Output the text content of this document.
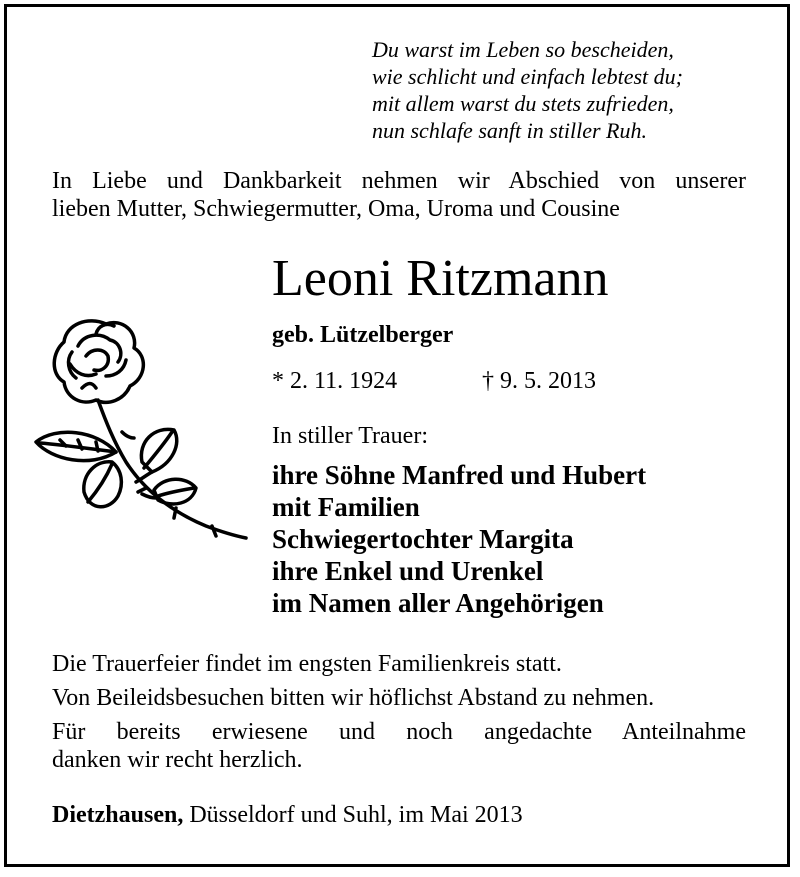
Du warst im Leben so bescheiden,
wie schlicht und einfach lebtest du;
mit allem warst du stets zufrieden,
nun schlafe sanft in stiller Ruh.
In Liebe und Dankbarkeit nehmen wir Abschied von unserer
lieben Mutter, Schwiegermutter, Oma, Uroma und Cousine
Leoni Ritzmann
geb. Lützelberger
* 2. 11. 1924	† 9. 5. 2013
In stiller Trauer:
ihre Söhne Manfred und Hubert
mit Familien
Schwiegertochter Margita
ihre Enkel und Urenkel
im Namen aller Angehörigen
Die Trauerfeier findet im engsten Familienkreis statt.
Von Beileidsbesuchen bitten wir höflichst Abstand zu nehmen.
Für bereits erwiesene und noch angedachte Anteilnahme
danken wir recht herzlich.
Dietzhausen, Düsseldorf und Suhl, im Mai 2013
